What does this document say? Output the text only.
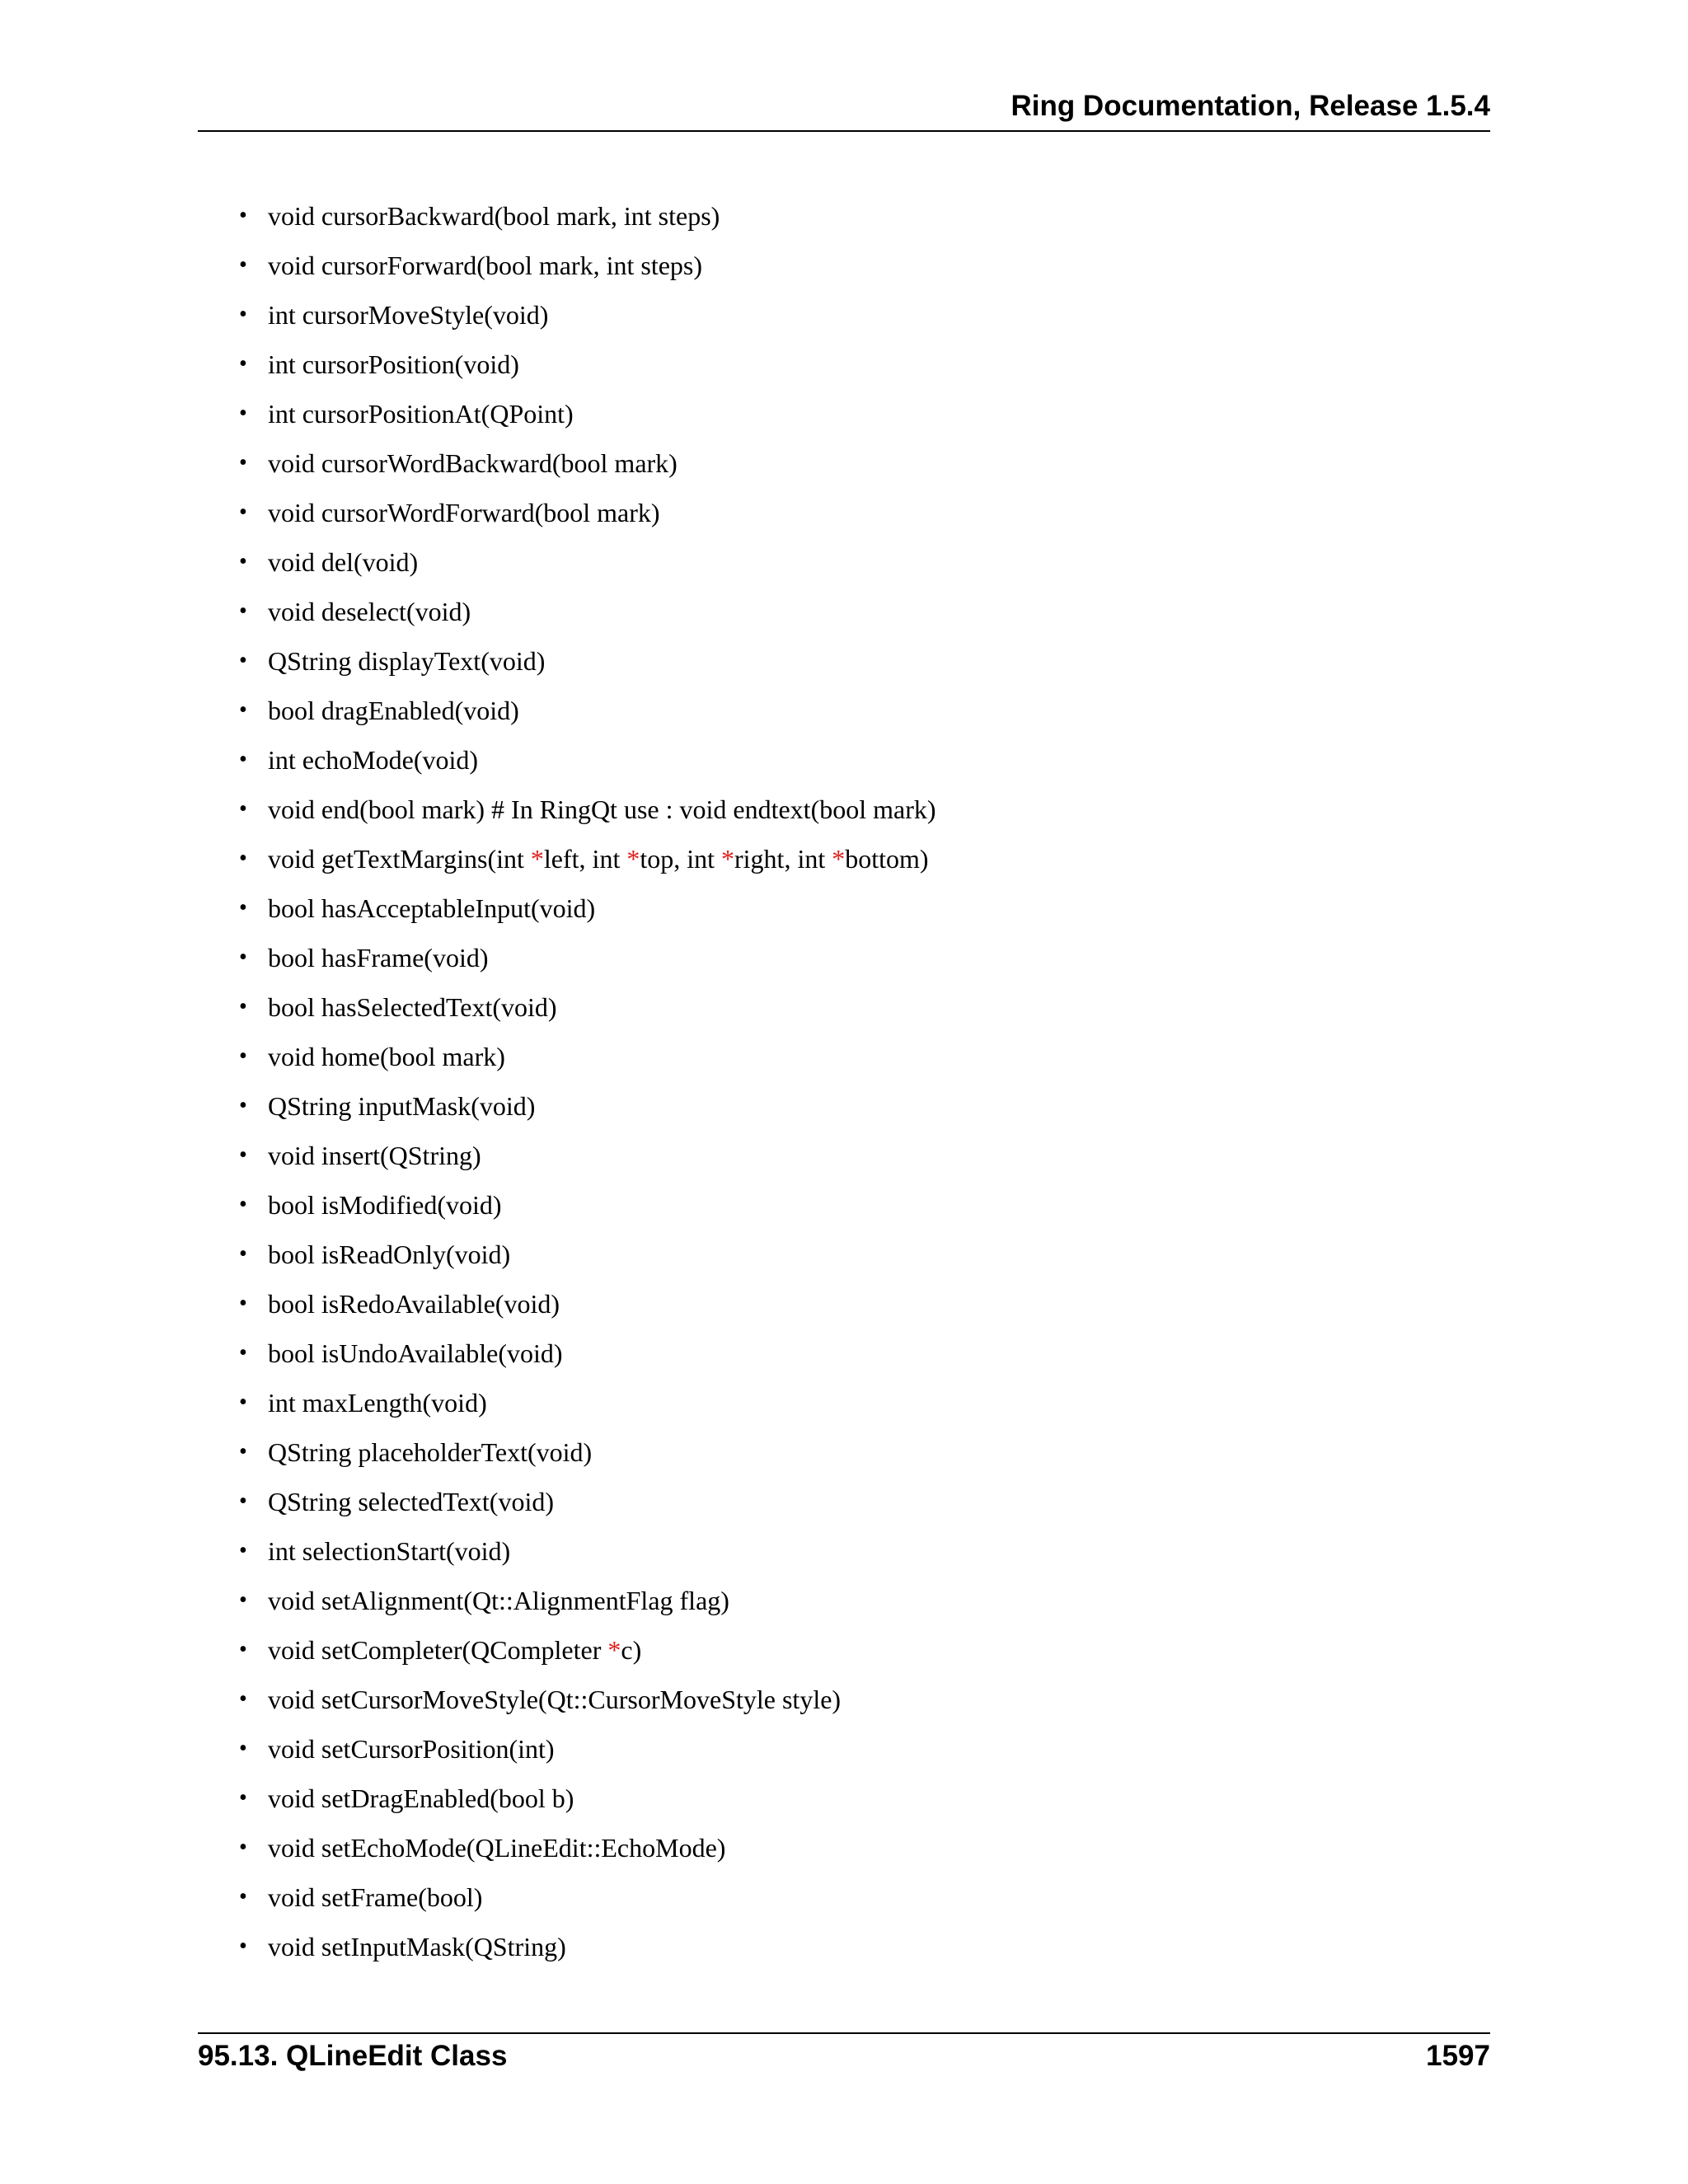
Ring Documentation, Release 1.5.4
• void cursorBackward(bool mark, int steps)
• void cursorForward(bool mark, int steps)
• int cursorMoveStyle(void)
• int cursorPosition(void)
• int cursorPositionAt(QPoint)
• void cursorWordBackward(bool mark)
• void cursorWordForward(bool mark)
• void del(void)
• void deselect(void)
• QString displayText(void)
• bool dragEnabled(void)
• int echoMode(void)
• void end(bool mark) # In RingQt use : void endtext(bool mark)
• void getTextMargins(int *left, int *top, int *right, int *bottom)
• bool hasAcceptableInput(void)
• bool hasFrame(void)
• bool hasSelectedText(void)
• void home(bool mark)
• QString inputMask(void)
• void insert(QString)
• bool isModified(void)
• bool isReadOnly(void)
• bool isRedoAvailable(void)
• bool isUndoAvailable(void)
• int maxLength(void)
• QString placeholderText(void)
• QString selectedText(void)
• int selectionStart(void)
• void setAlignment(Qt::AlignmentFlag flag)
• void setCompleter(QCompleter *c)
• void setCursorMoveStyle(Qt::CursorMoveStyle style)
• void setCursorPosition(int)
• void setDragEnabled(bool b)
• void setEchoMode(QLineEdit::EchoMode)
• void setFrame(bool)
• void setInputMask(QString)
95.13. QLineEdit Class	1597
